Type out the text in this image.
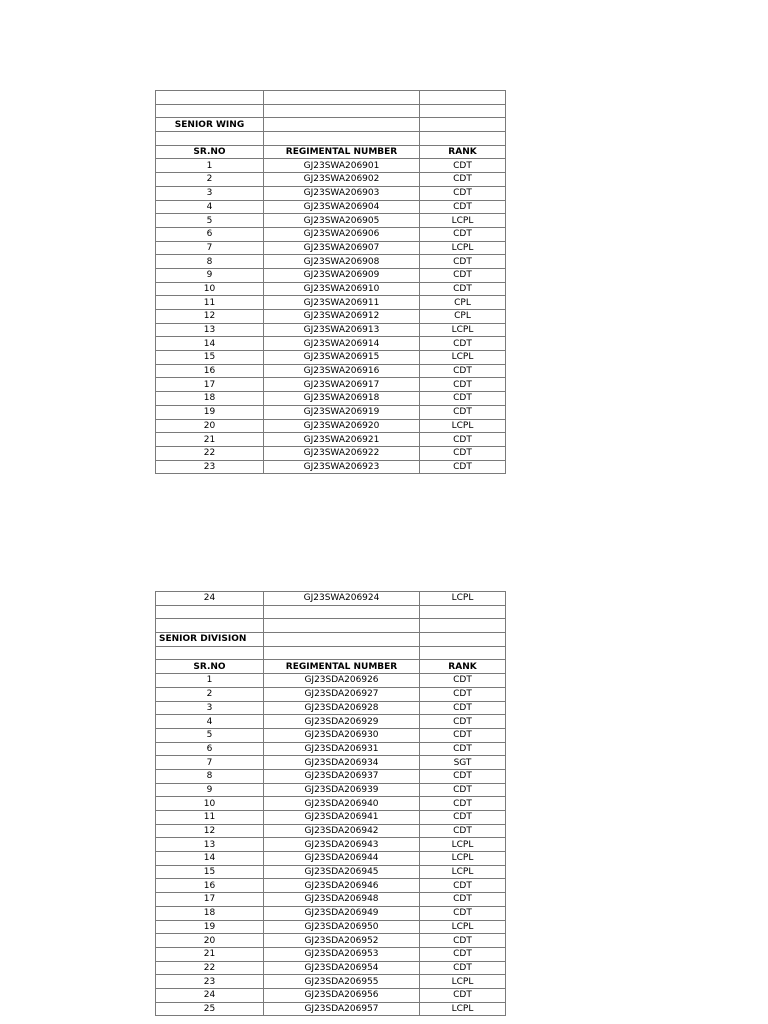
SENIOR WING		

SR.NO	REGIMENTAL NUMBER	RANK
1	GJ23SWA206901	CDT
2	GJ23SWA206902	CDT
3	GJ23SWA206903	CDT
4	GJ23SWA206904	CDT
5	GJ23SWA206905	LCPL
6	GJ23SWA206906	CDT
7	GJ23SWA206907	LCPL
8	GJ23SWA206908	CDT
9	GJ23SWA206909	CDT
10	GJ23SWA206910	CDT
11	GJ23SWA206911	CPL
12	GJ23SWA206912	CPL
13	GJ23SWA206913	LCPL
14	GJ23SWA206914	CDT
15	GJ23SWA206915	LCPL
16	GJ23SWA206916	CDT
17	GJ23SWA206917	CDT
18	GJ23SWA206918	CDT
19	GJ23SWA206919	CDT
20	GJ23SWA206920	LCPL
21	GJ23SWA206921	CDT
22	GJ23SWA206922	CDT
23	GJ23SWA206923	CDT
24	GJ23SWA206924	LCPL

SENIOR DIVISION		

SR.NO	REGIMENTAL NUMBER	RANK
1	GJ23SDA206926	CDT
2	GJ23SDA206927	CDT
3	GJ23SDA206928	CDT
4	GJ23SDA206929	CDT
5	GJ23SDA206930	CDT
6	GJ23SDA206931	CDT
7	GJ23SDA206934	SGT
8	GJ23SDA206937	CDT
9	GJ23SDA206939	CDT
10	GJ23SDA206940	CDT
11	GJ23SDA206941	CDT
12	GJ23SDA206942	CDT
13	GJ23SDA206943	LCPL
14	GJ23SDA206944	LCPL
15	GJ23SDA206945	LCPL
16	GJ23SDA206946	CDT
17	GJ23SDA206948	CDT
18	GJ23SDA206949	CDT
19	GJ23SDA206950	LCPL
20	GJ23SDA206952	CDT
21	GJ23SDA206953	CDT
22	GJ23SDA206954	CDT
23	GJ23SDA206955	LCPL
24	GJ23SDA206956	CDT
25	GJ23SDA206957	LCPL
